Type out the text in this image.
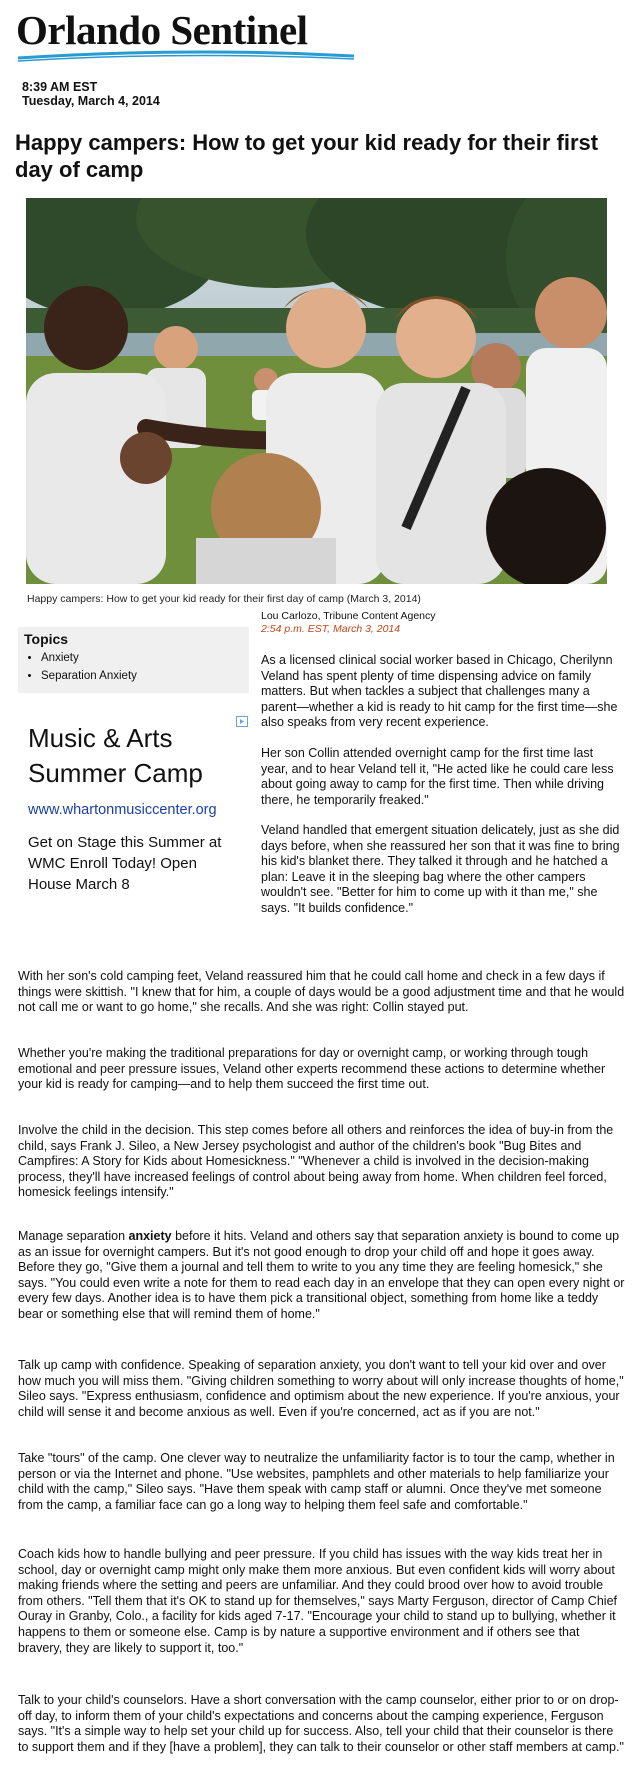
Orlando Sentinel
8:39 AM EST
Tuesday, March 4, 2014
Happy campers: How to get your kid ready for their first day of camp
Happy campers: How to get your kid ready for their first day of camp (March 3, 2014)
Lou Carlozo, Tribune Content Agency
2:54 p.m. EST, March 3, 2014
Topics
• Anxiety
• Separation Anxiety
Music & Arts
Summer Camp
www.whartonmusiccenter.org
Get on Stage this Summer at WMC Enroll Today! Open House March 8

As a licensed clinical social worker based in Chicago, Cherilynn Veland has spent plenty of time dispensing advice on family matters. But when tackles a subject that challenges many a parent—whether a kid is ready to hit camp for the first time—she also speaks from very recent experience.

Her son Collin attended overnight camp for the first time last year, and to hear Veland tell it, "He acted like he could care less about going away to camp for the first time. Then while driving there, he temporarily freaked."

Veland handled that emergent situation delicately, just as she did days before, when she reassured her son that it was fine to bring his kid's blanket there. They talked it through and he hatched a plan: Leave it in the sleeping bag where the other campers wouldn't see. "Better for him to come up with it than me," she says. "It builds confidence."

With her son's cold camping feet, Veland reassured him that he could call home and check in a few days if things were skittish. "I knew that for him, a couple of days would be a good adjustment time and that he would not call me or want to go home," she recalls. And she was right: Collin stayed put.

Whether you're making the traditional preparations for day or overnight camp, or working through tough emotional and peer pressure issues, Veland other experts recommend these actions to determine whether your kid is ready for camping—and to help them succeed the first time out.

Involve the child in the decision. This step comes before all others and reinforces the idea of buy-in from the child, says Frank J. Sileo, a New Jersey psychologist and author of the children's book "Bug Bites and Campfires: A Story for Kids about Homesickness." "Whenever a child is involved in the decision-making process, they'll have increased feelings of control about being away from home. When children feel forced, homesick feelings intensify."

Manage separation anxiety before it hits. Veland and others say that separation anxiety is bound to come up as an issue for overnight campers. But it's not good enough to drop your child off and hope it goes away. Before they go, "Give them a journal and tell them to write to you any time they are feeling homesick," she says. "You could even write a note for them to read each day in an envelope that they can open every night or every few days. Another idea is to have them pick a transitional object, something from home like a teddy bear or something else that will remind them of home."

Talk up camp with confidence. Speaking of separation anxiety, you don't want to tell your kid over and over how much you will miss them. "Giving children something to worry about will only increase thoughts of home," Sileo says. "Express enthusiasm, confidence and optimism about the new experience. If you're anxious, your child will sense it and become anxious as well. Even if you're concerned, act as if you are not."

Take "tours" of the camp. One clever way to neutralize the unfamiliarity factor is to tour the camp, whether in person or via the Internet and phone. "Use websites, pamphlets and other materials to help familiarize your child with the camp," Sileo says. "Have them speak with camp staff or alumni. Once they've met someone from the camp, a familiar face can go a long way to helping them feel safe and comfortable."

Coach kids how to handle bullying and peer pressure. If you child has issues with the way kids treat her in school, day or overnight camp might only make them more anxious. But even confident kids will worry about making friends where the setting and peers are unfamiliar. And they could brood over how to avoid trouble from others. "Tell them that it's OK to stand up for themselves," says Marty Ferguson, director of Camp Chief Ouray in Granby, Colo., a facility for kids aged 7-17. "Encourage your child to stand up to bullying, whether it happens to them or someone else. Camp is by nature a supportive environment and if others see that bravery, they are likely to support it, too."

Talk to your child's counselors. Have a short conversation with the camp counselor, either prior to or on drop-off day, to inform them of your child's expectations and concerns about the camping experience, Ferguson says. "It's a simple way to help set your child up for success. Also, tell your child that their counselor is there to support them and if they [have a problem], they can talk to their counselor or other staff members at camp."
